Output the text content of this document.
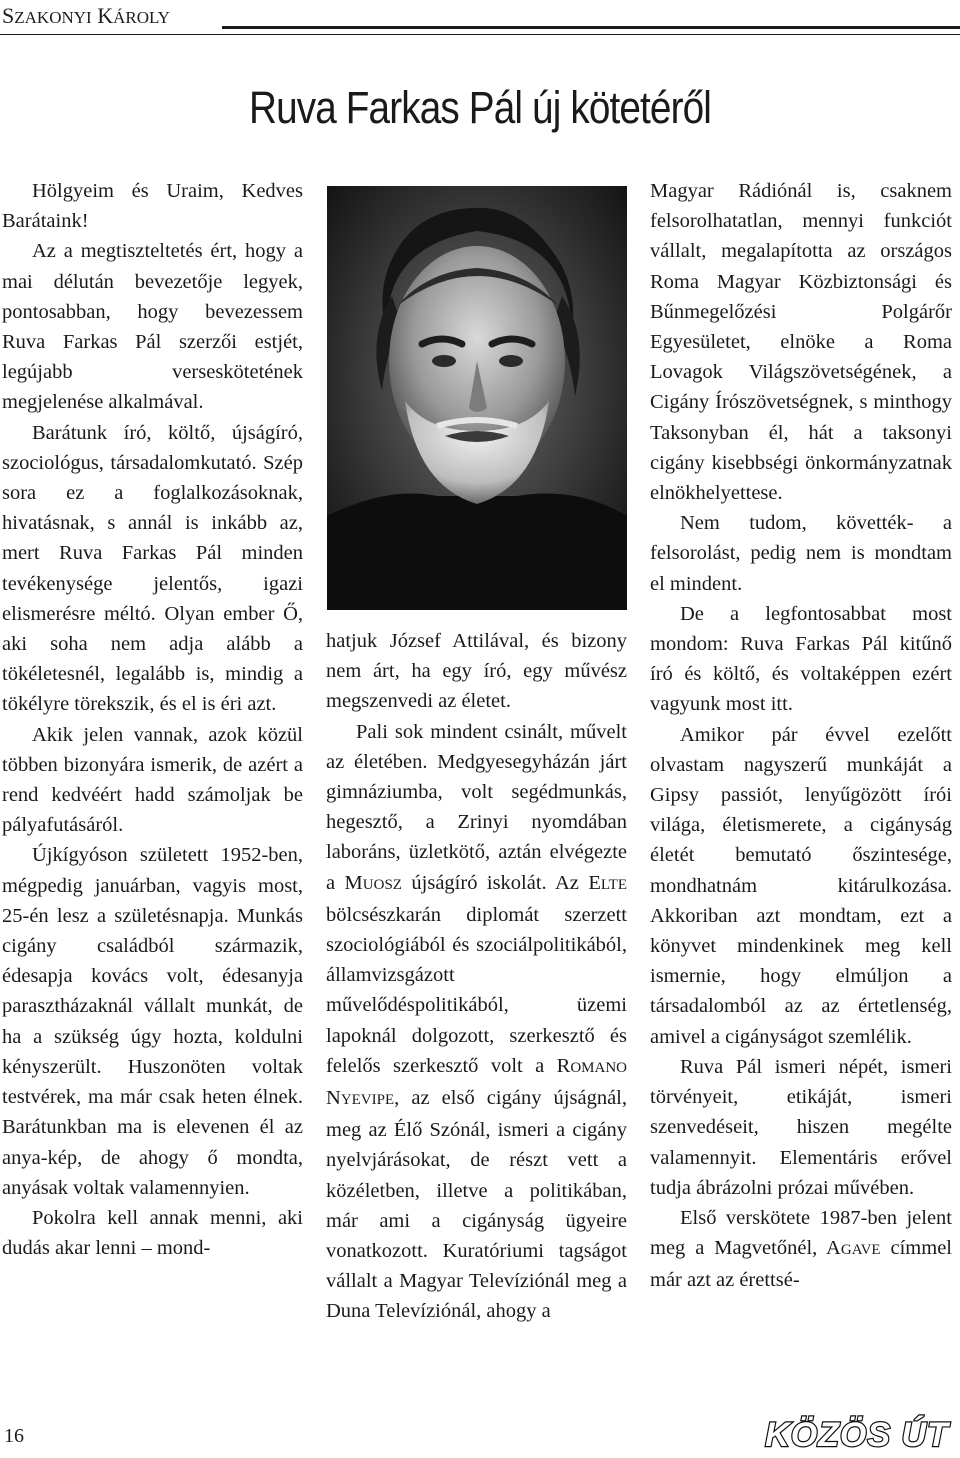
SZAKONYI KÁROLY
Ruva Farkas Pál új kötetéről

Hölgyeim és Uraim, Kedves Barátaink!

Az a megtiszteltetés ért, hogy a mai délután bevezetője legyek, pontosabban, hogy bevezessem Ruva Farkas Pál szerzői estjét, legújabb verseskötetének megjelenése alkalmával.

Barátunk író, költő, újságíró, szociológus, társadalomkutató. Szép sora ez a foglalkozásoknak, hivatásnak, s annál is inkább az, mert Ruva Farkas Pál minden tevékenysége jelentős, igazi elismerésre méltó. Olyan ember Ő, aki soha nem adja alább a tökéletesnél, legalább is, mindig a tökélyre törekszik, és el is éri azt.

Akik jelen vannak, azok közül többen bizonyára ismerik, de azért a rend kedvéért hadd számoljak be pályafutásáról.

Újkígyóson született 1952-ben, mégpedig januárban, vagyis most, 25-én lesz a születésnapja. Munkás cigány családból származik, édesapja kovács volt, édesanyja parasztházaknál vállalt munkát, de ha a szükség úgy hozta, koldulni kényszerült. Huszonöten voltak testvérek, ma már csak heten élnek. Barátunkban ma is elevenen él az anya-kép, de ahogy ő mondta, anyásak voltak valamennyien.

Pokolra kell annak menni, aki dudás akar lenni – mond-

hatjuk József Attilával, és bizony nem árt, ha egy író, egy művész megszenvedi az életet.

Pali sok mindent csinált, művelt az életében. Medgyesegyházán járt gimnáziumba, volt segédmunkás, hegesztő, a Zrinyi nyomdában laboráns, üzletkötő, aztán elvégezte a MUOSZ újságíró iskolát. Az ELTE bölcsészkarán diplomát szerzett szociológiából és szociálpolitikából, államvizsgázott művelődéspolitikából, üzemi lapoknál dolgozott, szerkesztő és felelős szerkesztő volt a ROMANO NYEVIPE, az első cigány újságnál, meg az Élő Szónál, ismeri a cigány nyelvjárásokat, de részt vett a közéletben, illetve a politikában, már ami a cigányság ügyeire vonatkozott. Kuratóriumi tagságot vállalt a Magyar Televíziónál meg a Duna Televíziónál, ahogy a

Magyar Rádiónál is, csaknem felsorolhatatlan, mennyi funkciót vállalt, megalapította az országos Roma Magyar Közbiztonsági és Bűnmegelőzési Polgárőr Egyesületet, elnöke a Roma Lovagok Világszövetségének, a Cigány Írószövetségnek, s minthogy Taksonyban él, hát a taksonyi cigány kisebbségi önkormányzatnak elnökhelyettese.

Nem tudom, követték- a felsorolást, pedig nem is mondtam el mindent.

De a legfontosabbat most mondom: Ruva Farkas Pál kitűnő író és költő, és voltaképpen ezért vagyunk most itt.

Amikor pár évvel ezelőtt olvastam nagyszerű munkáját a Gipsy passiót, lenyűgözött írói világa, életismerete, a cigányság életét bemutató őszintesége, mondhatnám kitárulkozása. Akkoriban azt mondtam, ezt a könyvet mindenkinek meg kell ismernie, hogy elmúljon a társadalomból az az értetlenség, amivel a cigányságot szemlélik.

Ruva Pál ismeri népét, ismeri törvényeit, etikáját, ismeri szenvedéseit, hiszen megélte valamennyit. Elementáris erővel tudja ábrázolni prózai művében.

Első verskötete 1987-ben jelent meg a Magvetőnél, AGAVE címmel már azt az érettsé-

16	KÖZÖS ÚT
